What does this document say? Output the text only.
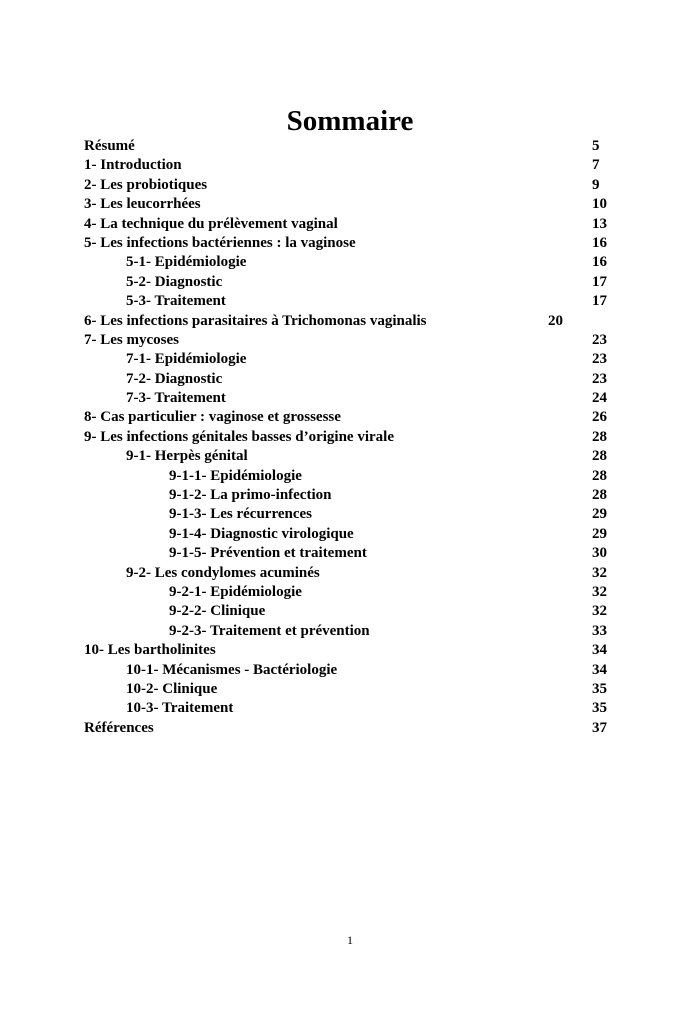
Sommaire
Résumé	5
1- Introduction	7
2- Les probiotiques	9
3- Les leucorrhées	10
4- La technique du prélèvement vaginal	13
5- Les infections bactériennes : la vaginose	16
5-1- Epidémiologie	16
5-2- Diagnostic	17
5-3- Traitement	17
6- Les infections parasitaires à Trichomonas vaginalis	20
7- Les mycoses	23
7-1- Epidémiologie	23
7-2- Diagnostic	23
7-3- Traitement	24
8- Cas particulier : vaginose et grossesse	26
9- Les infections génitales basses d’origine virale	28
9-1- Herpès génital	28
9-1-1- Epidémiologie	28
9-1-2- La primo-infection	28
9-1-3- Les récurrences	29
9-1-4- Diagnostic virologique	29
9-1-5- Prévention et traitement	30
9-2- Les condylomes acuminés	32
9-2-1- Epidémiologie	32
9-2-2- Clinique	32
9-2-3- Traitement et prévention	33
10- Les bartholinites	34
10-1- Mécanismes - Bactériologie	34
10-2- Clinique	35
10-3- Traitement	35
Références	37
1
